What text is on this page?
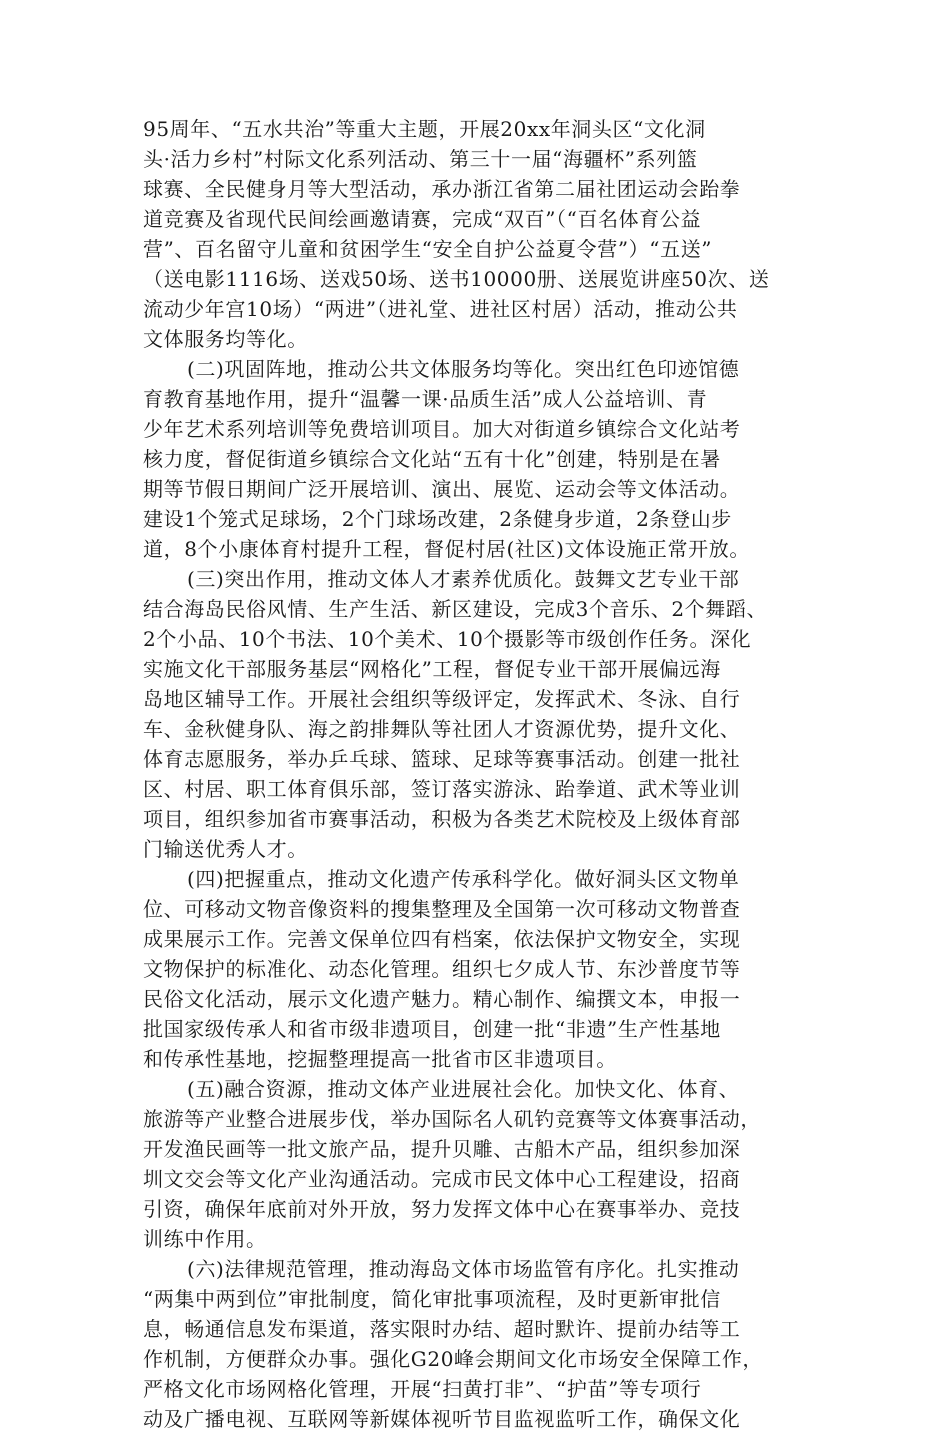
95周年、“五水共治”等重大主题，开展20xx年洞头区“文化洞
头·活力乡村”村际文化系列活动、第三十一届“海疆杯”系列篮
球赛、全民健身月等大型活动，承办浙江省第二届社团运动会跆拳
道竞赛及省现代民间绘画邀请赛，完成“双百”（“百名体育公益
营”、百名留守儿童和贫困学生“安全自护公益夏令营”）“五送”
（送电影1116场、送戏50场、送书10000册、送展览讲座50次、送
流动少年宫10场）“两进”（进礼堂、进社区村居）活动，推动公共
文体服务均等化。
(二)巩固阵地，推动公共文体服务均等化。突出红色印迹馆德
育教育基地作用，提升“温馨一课·品质生活”成人公益培训、青
少年艺术系列培训等免费培训项目。加大对街道乡镇综合文化站考
核力度，督促街道乡镇综合文化站“五有十化”创建，特别是在暑
期等节假日期间广泛开展培训、演出、展览、运动会等文体活动。
建设1个笼式足球场，2个门球场改建，2条健身步道，2条登山步
道，8个小康体育村提升工程，督促村居(社区)文体设施正常开放。
(三)突出作用，推动文体人才素养优质化。鼓舞文艺专业干部
结合海岛民俗风情、生产生活、新区建设，完成3个音乐、2个舞蹈、
2个小品、10个书法、10个美术、10个摄影等市级创作任务。深化
实施文化干部服务基层“网格化”工程，督促专业干部开展偏远海
岛地区辅导工作。开展社会组织等级评定，发挥武术、冬泳、自行
车、金秋健身队、海之韵排舞队等社团人才资源优势，提升文化、
体育志愿服务，举办乒乓球、篮球、足球等赛事活动。创建一批社
区、村居、职工体育俱乐部，签订落实游泳、跆拳道、武术等业训
项目，组织参加省市赛事活动，积极为各类艺术院校及上级体育部
门输送优秀人才。
(四)把握重点，推动文化遗产传承科学化。做好洞头区文物单
位、可移动文物音像资料的搜集整理及全国第一次可移动文物普查
成果展示工作。完善文保单位四有档案，依法保护文物安全，实现
文物保护的标准化、动态化管理。组织七夕成人节、东沙普度节等
民俗文化活动，展示文化遗产魅力。精心制作、编撰文本，申报一
批国家级传承人和省市级非遗项目，创建一批“非遗”生产性基地
和传承性基地，挖掘整理提高一批省市区非遗项目。
(五)融合资源，推动文体产业进展社会化。加快文化、体育、
旅游等产业整合进展步伐，举办国际名人矶钓竞赛等文体赛事活动，
开发渔民画等一批文旅产品，提升贝雕、古船木产品，组织参加深
圳文交会等文化产业沟通活动。完成市民文体中心工程建设，招商
引资，确保年底前对外开放，努力发挥文体中心在赛事举办、竞技
训练中作用。
(六)法律规范管理，推动海岛文体市场监管有序化。扎实推动
“两集中两到位”审批制度，简化审批事项流程，及时更新审批信
息，畅通信息发布渠道，落实限时办结、超时默许、提前办结等工
作机制，方便群众办事。强化G20峰会期间文化市场安全保障工作，
严格文化市场网格化管理，开展“扫黄打非”、“护苗”等专项行
动及广播电视、互联网等新媒体视听节目监视监听工作，确保文化
